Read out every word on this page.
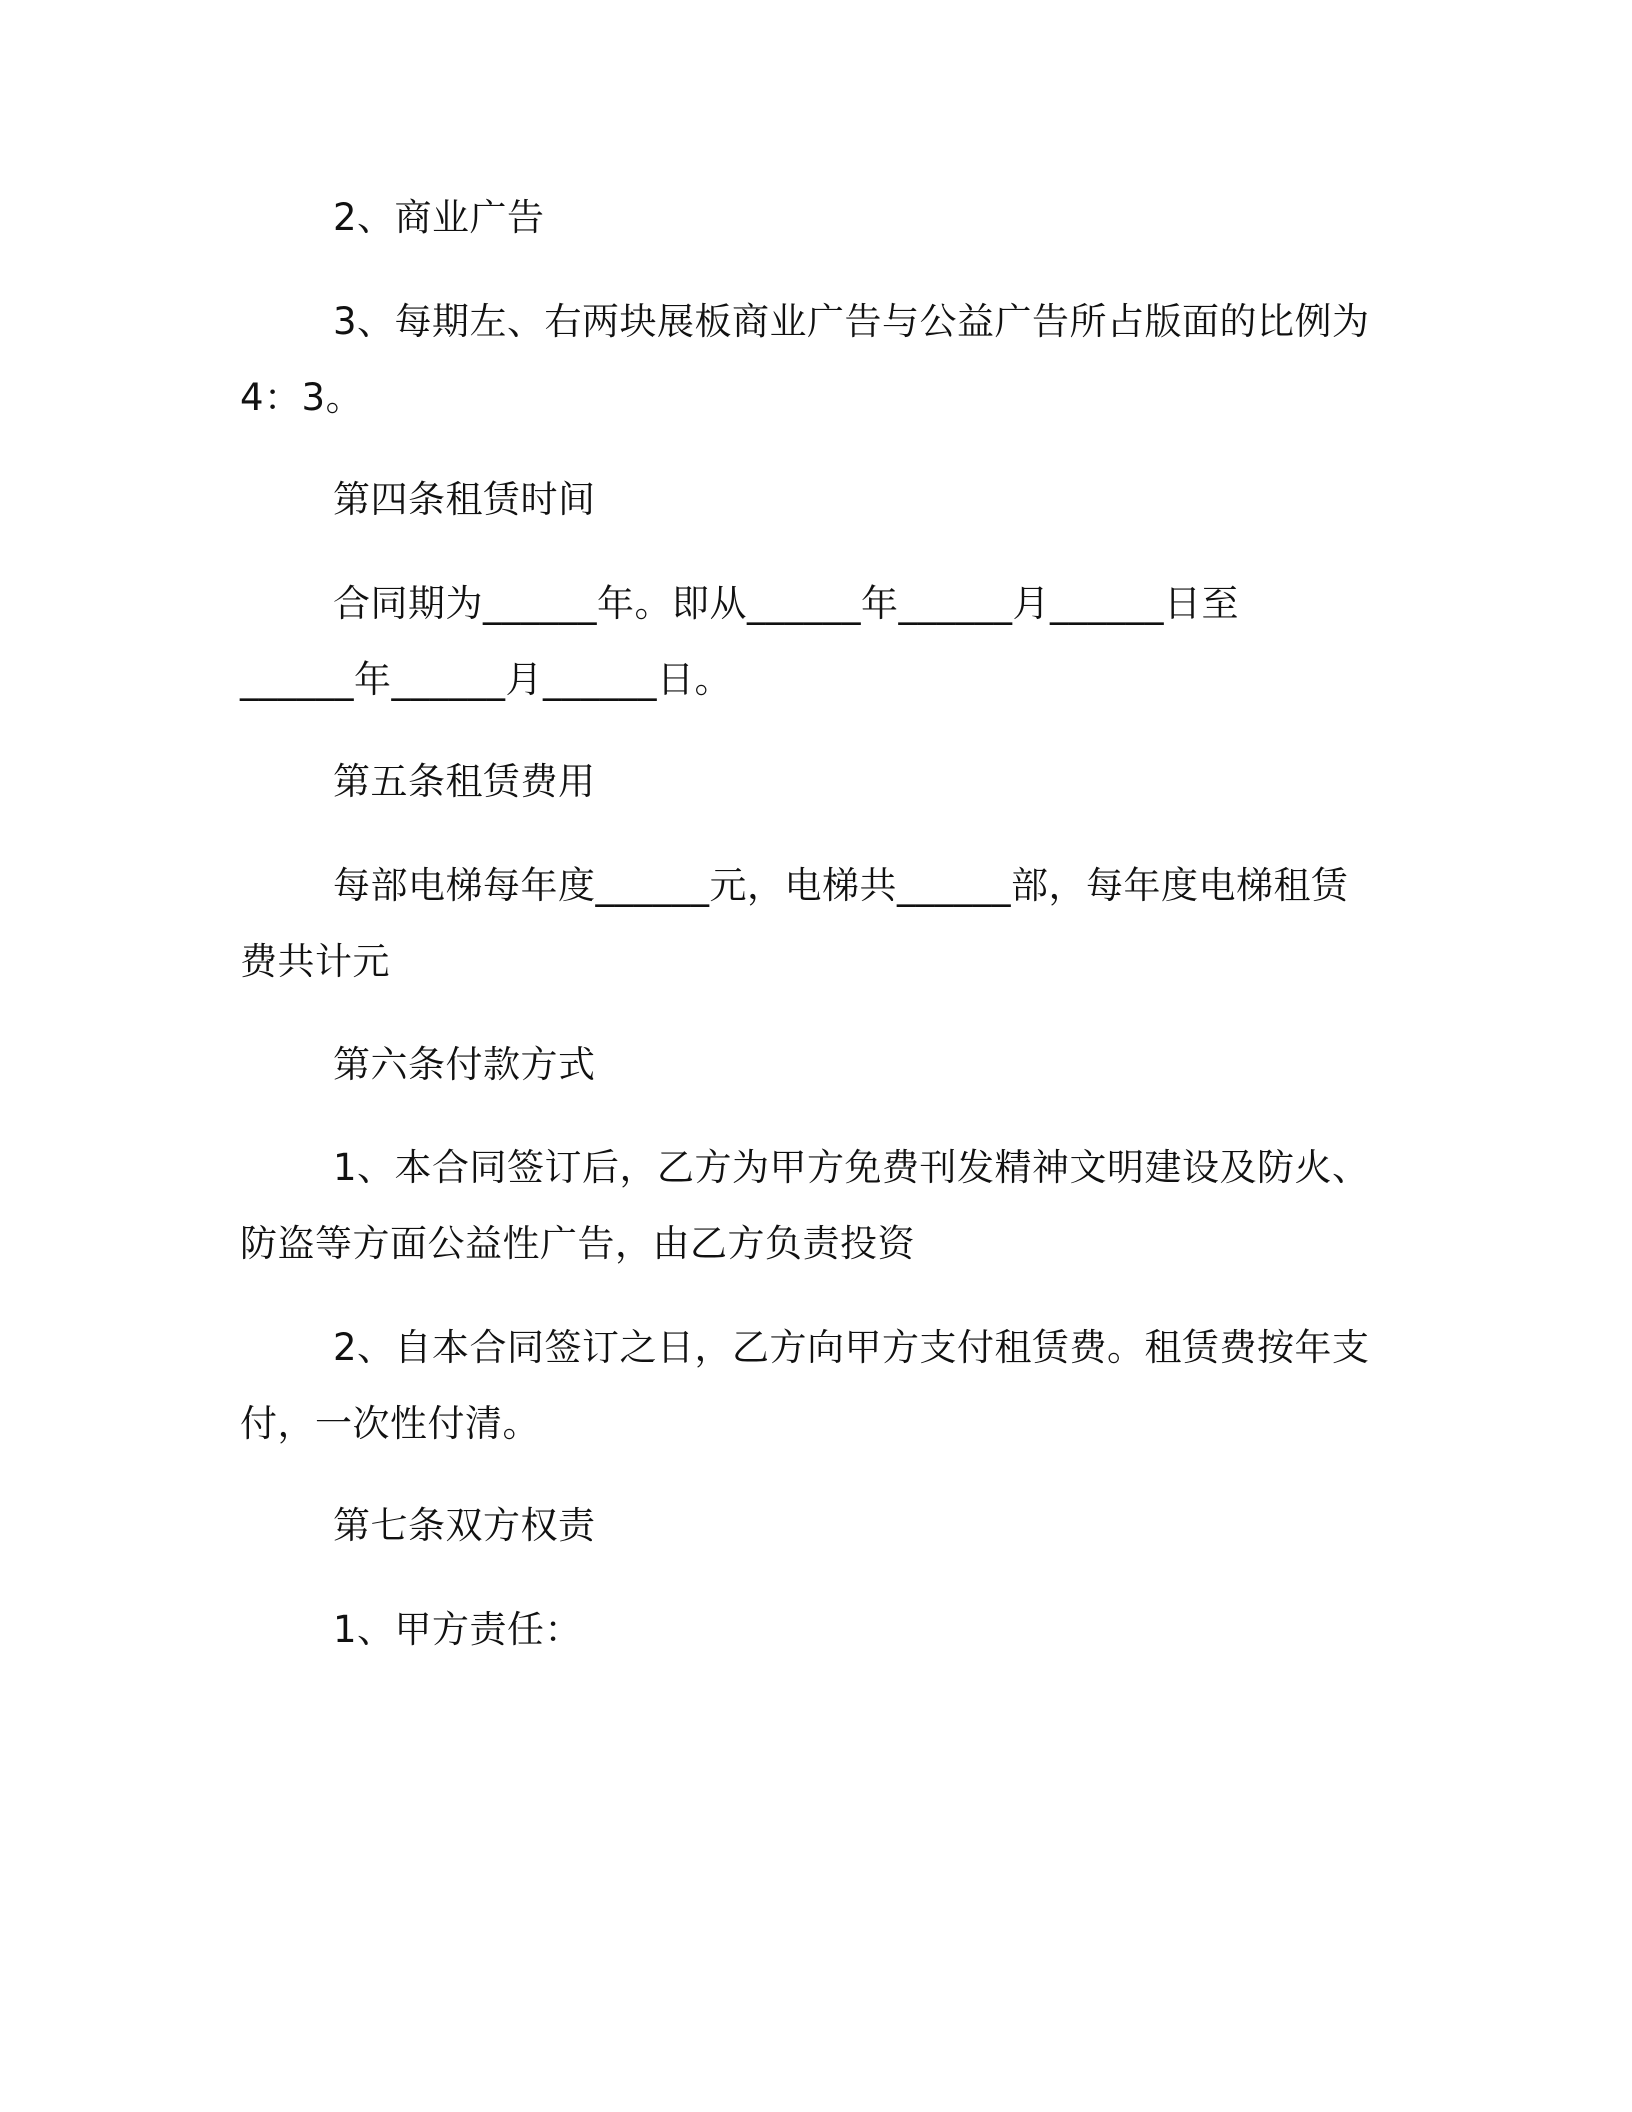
2、商业广告
3、每期左、右两块展板商业广告与公益广告所占版面的比例为
4：3。
第四条租赁时间
合同期为______年。即从______年______月______日至
______年______月______日。
第五条租赁费用
每部电梯每年度______元，电梯共______部，每年度电梯租赁
费共计元
第六条付款方式
1、本合同签订后，乙方为甲方免费刊发精神文明建设及防火、
防盗等方面公益性广告，由乙方负责投资
2、自本合同签订之日，乙方向甲方支付租赁费。租赁费按年支
付，一次性付清。
第七条双方权责
1、甲方责任：
